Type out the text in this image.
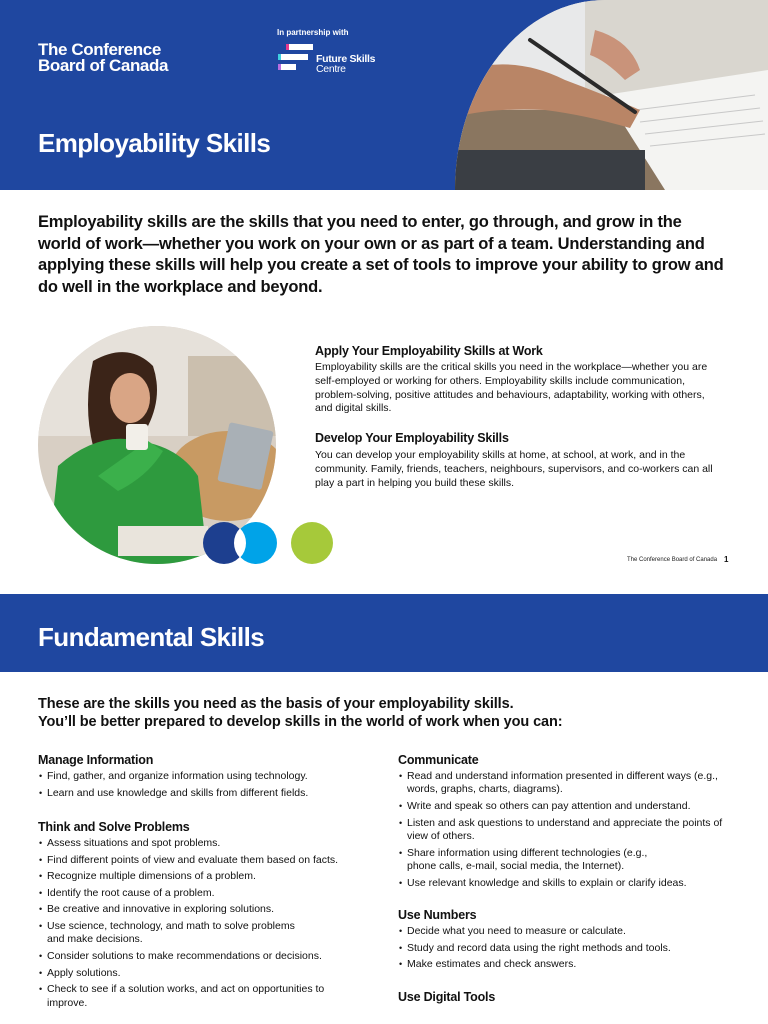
The Conference
Board of Canada
In partnership with
Future Skills
Centre
Employability Skills
Employability skills are the skills that you need to enter, go through, and grow in the world of work—whether you work on your own or as part of a team. Understanding and applying these skills will help you create a set of tools to improve your ability to grow and do well in the workplace and beyond.
Apply Your Employability Skills at Work
Employability skills are the critical skills you need in the workplace—whether you are self-employed or working for others. Employability skills include communication, problem-solving, positive attitudes and behaviours, adaptability, working with others, and digital skills.
Develop Your Employability Skills
You can develop your employability skills at home, at school, at work, and in the community. Family, friends, teachers, neighbours, supervisors, and co-workers can all play a part in helping you build these skills.
The Conference Board of Canada 1
Fundamental Skills
These are the skills you need as the basis of your employability skills.
You’ll be better prepared to develop skills in the world of work when you can:
Manage Information
• Find, gather, and organize information using technology.
• Learn and use knowledge and skills from different fields.
Think and Solve Problems
• Assess situations and spot problems.
• Find different points of view and evaluate them based on facts.
• Recognize multiple dimensions of a problem.
• Identify the root cause of a problem.
• Be creative and innovative in exploring solutions.
• Use science, technology, and math to solve problems and make decisions.
• Consider solutions to make recommendations or decisions.
• Apply solutions.
• Check to see if a solution works, and act on opportunities to improve.
Communicate
• Read and understand information presented in different ways (e.g., words, graphs, charts, diagrams).
• Write and speak so others can pay attention and understand.
• Listen and ask questions to understand and appreciate the points of view of others.
• Share information using different technologies (e.g., phone calls, e-mail, social media, the Internet).
• Use relevant knowledge and skills to explain or clarify ideas.
Use Numbers
• Decide what you need to measure or calculate.
• Study and record data using the right methods and tools.
• Make estimates and check answers.
Use Digital Tools
